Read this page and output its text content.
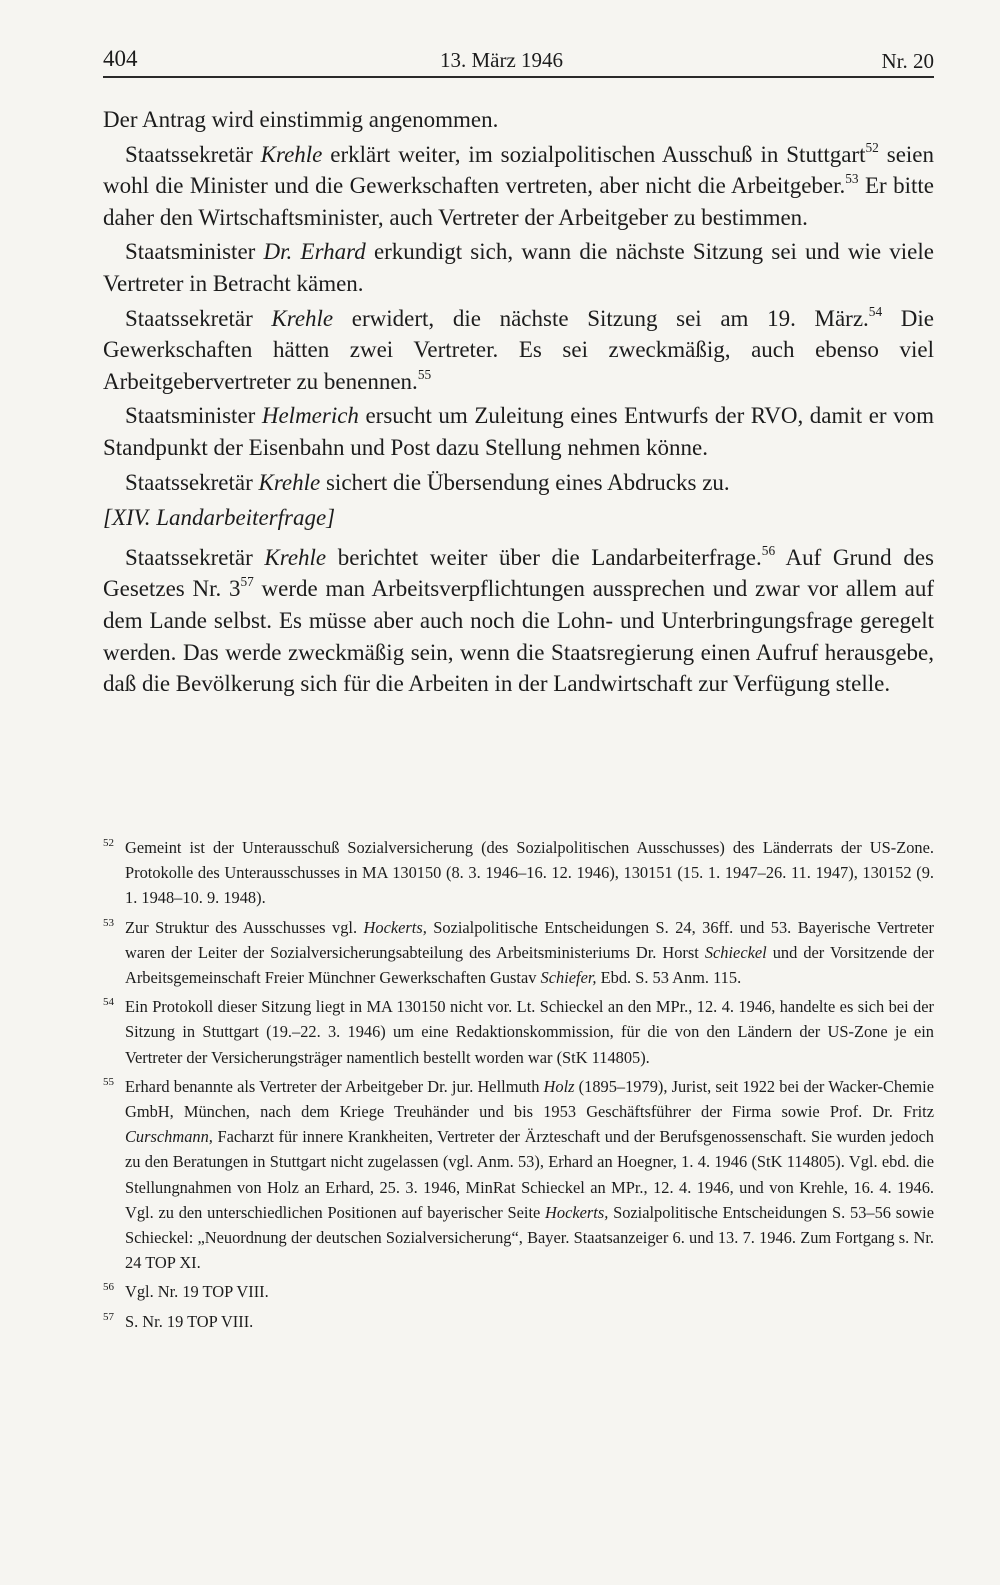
404	13. März 1946	Nr. 20

Der Antrag wird einstimmig angenommen.

Staatssekretär Krehle erklärt weiter, im sozialpolitischen Ausschuß in Stuttgart$^{52}$ seien wohl die Minister und die Gewerkschaften vertreten, aber nicht die Arbeitgeber.$^{53}$ Er bitte daher den Wirtschaftsminister, auch Vertreter der Arbeitgeber zu bestimmen.

Staatsminister Dr. Erhard erkundigt sich, wann die nächste Sitzung sei und wie viele Vertreter in Betracht kämen.

Staatssekretär Krehle erwidert, die nächste Sitzung sei am 19. März.$^{54}$ Die Gewerkschaften hätten zwei Vertreter. Es sei zweckmäßig, auch ebenso viel Arbeitgebervertreter zu benennen.$^{55}$

Staatsminister Helmerich ersucht um Zuleitung eines Entwurfs der RVO, damit er vom Standpunkt der Eisenbahn und Post dazu Stellung nehmen könne.

Staatssekretär Krehle sichert die Übersendung eines Abdrucks zu.

[XIV. Landarbeiterfrage]

Staatssekretär Krehle berichtet weiter über die Landarbeiterfrage.$^{56}$ Auf Grund des Gesetzes Nr. $3^{57}$ werde man Arbeitsverpflichtungen aussprechen und zwar vor allem auf dem Lande selbst. Es müsse aber auch noch die Lohn- und Unterbringungsfrage geregelt werden. Das werde zweckmäßig sein, wenn die Staatsregierung einen Aufruf herausgebe, daß die Bevölkerung sich für die Arbeiten in der Landwirtschaft zur Verfügung stelle.

52 Gemeint ist der Unterausschuß Sozialversicherung (des Sozialpolitischen Ausschusses) des Länderrats der US-Zone. Protokolle des Unterausschusses in MA 130150 (8. 3. 1946–16. 12. 1946), 130151 (15. 1. 1947–26. 11. 1947), 130152 (9. 1. 1948–10. 9. 1948).
53 Zur Struktur des Ausschusses vgl. Hockerts, Sozialpolitische Entscheidungen S. 24, 36ff. und 53. Bayerische Vertreter waren der Leiter der Sozialversicherungsabteilung des Arbeitsministeriums Dr. Horst Schieckel und der Vorsitzende der Arbeitsgemeinschaft Freier Münchner Gewerkschaften Gustav Schiefer, Ebd. S. 53 Anm. 115.
54 Ein Protokoll dieser Sitzung liegt in MA 130150 nicht vor. Lt. Schieckel an den MPr., 12. 4. 1946, handelte es sich bei der Sitzung in Stuttgart (19.–22. 3. 1946) um eine Redaktionskommission, für die von den Ländern der US-Zone je ein Vertreter der Versicherungsträger namentlich bestellt worden war (StK 114805).
55 Erhard benannte als Vertreter der Arbeitgeber Dr. jur. Hellmuth Holz (1895–1979), Jurist, seit 1922 bei der Wacker-Chemie GmbH, München, nach dem Kriege Treuhänder und bis 1953 Geschäftsführer der Firma sowie Prof. Dr. Fritz Curschmann, Facharzt für innere Krankheiten, Vertreter der Ärzteschaft und der Berufsgenossenschaft. Sie wurden jedoch zu den Beratungen in Stuttgart nicht zugelassen (vgl. Anm. 53), Erhard an Hoegner, 1. 4. 1946 (StK 114805). Vgl. ebd. die Stellungnahmen von Holz an Erhard, 25. 3. 1946, MinRat Schieckel an MPr., 12. 4. 1946, und von Krehle, 16. 4. 1946. Vgl. zu den unterschiedlichen Positionen auf bayerischer Seite Hockerts, Sozialpolitische Entscheidungen S. 53–56 sowie Schieckel: „Neuordnung der deutschen Sozialversicherung“, Bayer. Staatsanzeiger 6. und 13. 7. 1946. Zum Fortgang s. Nr. 24 TOP XI.
56 Vgl. Nr. 19 TOP VIII.
57 S. Nr. 19 TOP VIII.
